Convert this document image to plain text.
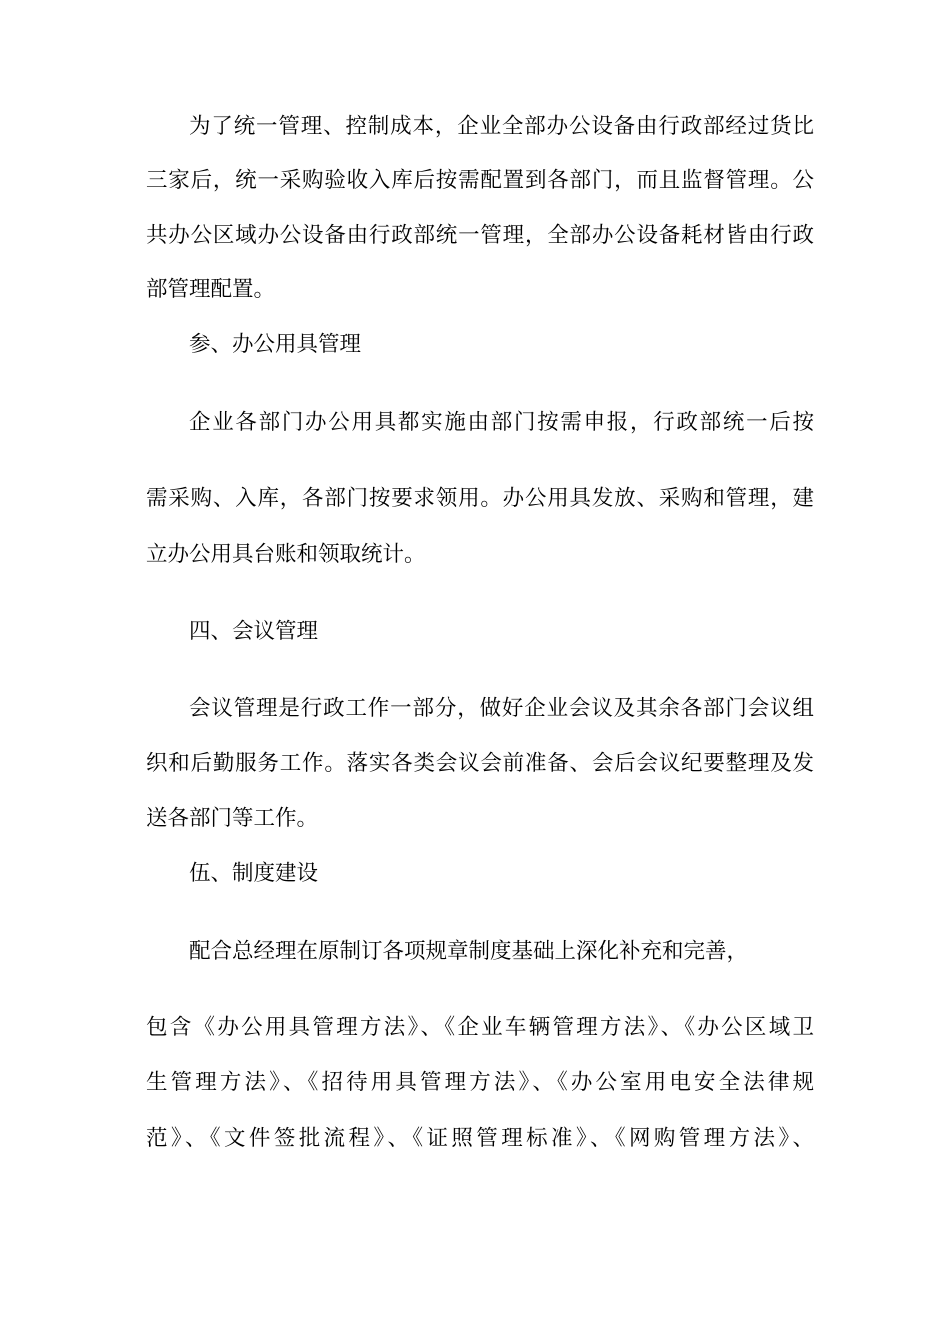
为了统一管理、控制成本，企业全部办公设备由行政部经过货比
三家后，统一采购验收入库后按需配置到各部门，而且监督管理。公
共办公区域办公设备由行政部统一管理，全部办公设备耗材皆由行政
部管理配置。
参、办公用具管理
企业各部门办公用具都实施由部门按需申报，行政部统一后按
需采购、入库，各部门按要求领用。办公用具发放、采购和管理，建
立办公用具台账和领取统计。
四、会议管理
会议管理是行政工作一部分，做好企业会议及其余各部门会议组
织和后勤服务工作。落实各类会议会前准备、会后会议纪要整理及发
送各部门等工作。
伍、制度建设
配合总经理在原制订各项规章制度基础上深化补充和完善，
包含《办公用具管理方法》、《企业车辆管理方法》、《办公区域卫
生管理方法》、《招待用具管理方法》、《办公室用电安全法律规
范》、《文件签批流程》、《证照管理标准》、《网购管理方法》、
